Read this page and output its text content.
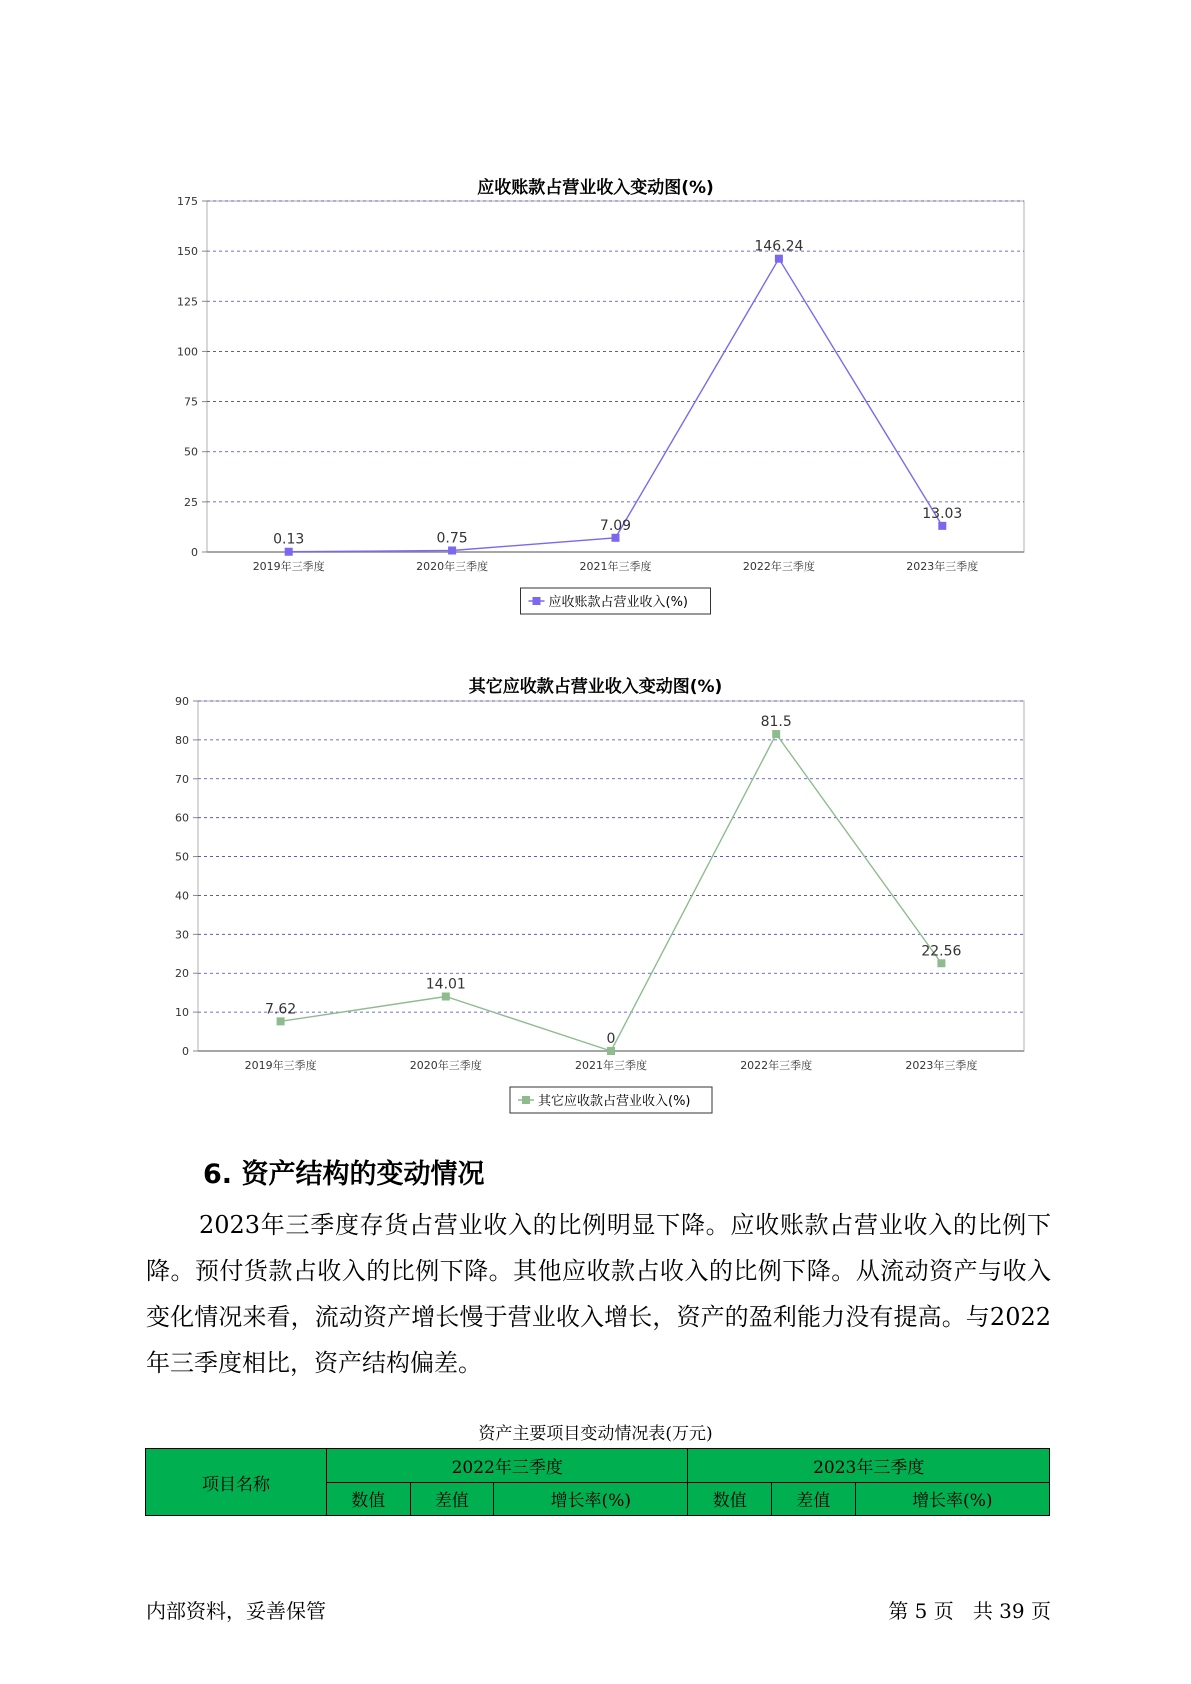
应收账款占营业收入变动图(%)
0
25
50
75
100
125
150
175
2019年三季度	2020年三季度	2021年三季度	2022年三季度	2023年三季度
0.13	0.75
7.09
146.24
13.03
应收账款占营业收入(%)
其它应收款占营业收入变动图(%)
0
10
20
30
40
50
60
70
80
90
2019年三季度	2020年三季度	2021年三季度	2022年三季度	2023年三季度
7.62
14.01
0
81.5
22.56
其它应收款占营业收入(%)
6. 资产结构的变动情况

2023年三季度存货占营业收入的比例明显下降。应收账款占营业收入的比例下降。预付货款占收入的比例下降。其他应收款占收入的比例下降。从流动资产与收入变化情况来看，流动资产增长慢于营业收入增长，资产的盈利能力没有提高。与2022年三季度相比，资产结构偏差。

资产主要项目变动情况表(万元)
项目名称	2022年三季度			2023年三季度		
	数值	差值	增长率(%)	数值	差值	增长率(%)
内部资料，妥善保管	第 5 页   共 39 页
